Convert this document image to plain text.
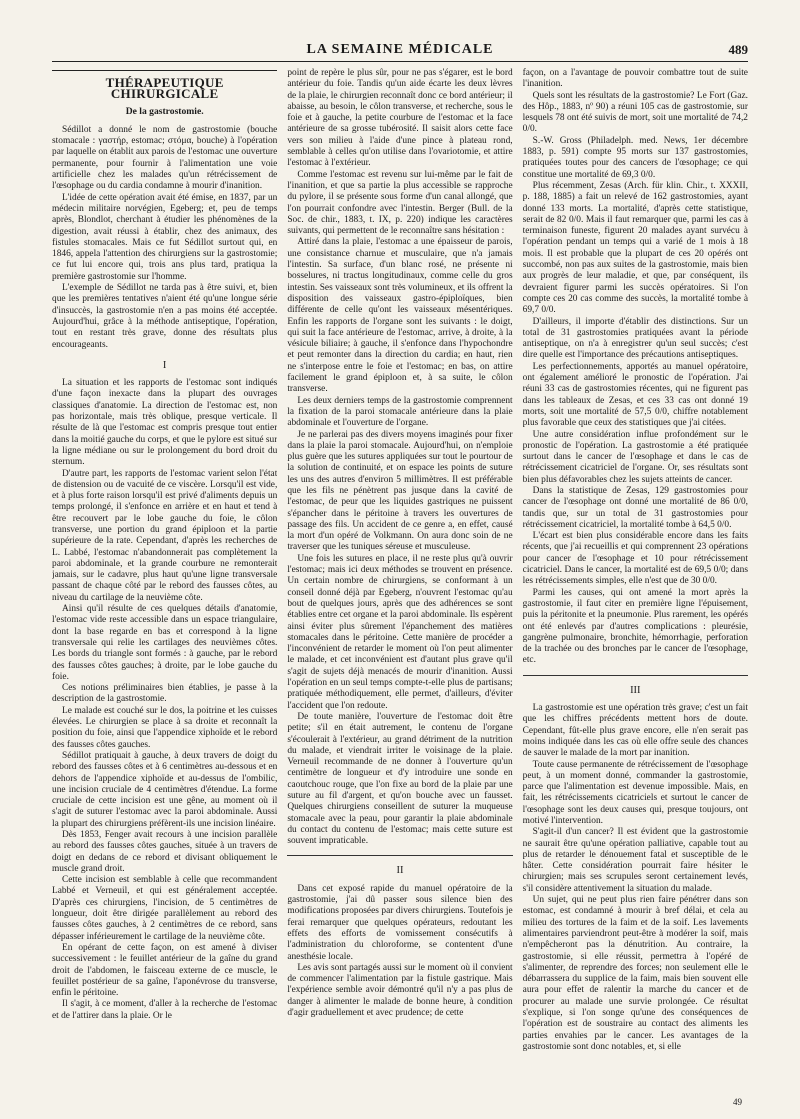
LA SEMAINE MÉDICALE	489
THÉRAPEUTIQUE CHIRURGICALE
De la gastrostomie.

Sédillot a donné le nom de gastrostomie (bouche stomacale : γαστήρ, estomac; στόμα, bouche) à l'opération par laquelle on établit aux parois de l'estomac une ouverture permanente, pour fournir à l'alimentation une voie artificielle chez les malades qu'un rétrécissement de l'œsophage ou du cardia condamne à mourir d'inanition.

L'idée de cette opération avait été émise, en 1837, par un médecin militaire norvégien, Egeberg; et, peu de temps après, Blondlot, cherchant à étudier les phénomènes de la digestion, avait réussi à établir, chez des animaux, des fistules stomacales. Mais ce fut Sédillot surtout qui, en 1846, appela l'attention des chirurgiens sur la gastrostomie; ce fut lui encore qui, trois ans plus tard, pratiqua la première gastrostomie sur l'homme.

L'exemple de Sédillot ne tarda pas à être suivi, et, bien que les premières tentatives n'aient été qu'une longue série d'insuccès, la gastrostomie n'en a pas moins été acceptée. Aujourd'hui, grâce à la méthode antiseptique, l'opération, tout en restant très grave, donne des résultats plus encourageants.

I

La situation et les rapports de l'estomac sont indiqués d'une façon inexacte dans la plupart des ouvrages classiques d'anatomie. La direction de l'estomac est, non pas horizontale, mais très oblique, presque verticale. Il résulte de là que l'estomac est compris presque tout entier dans la moitié gauche du corps, et que le pylore est situé sur la ligne médiane ou sur le prolongement du bord droit du sternum.

D'autre part, les rapports de l'estomac varient selon l'état de distension ou de vacuité de ce viscère. Lorsqu'il est vide, et à plus forte raison lorsqu'il est privé d'aliments depuis un temps prolongé, il s'enfonce en arrière et en haut et tend à être recouvert par le lobe gauche du foie, le côlon transverse, une portion du grand épiploon et la partie supérieure de la rate. Cependant, d'après les recherches de L. Labbé, l'estomac n'abandonnerait pas complètement la paroi abdominale, et la grande courbure ne remonterait jamais, sur le cadavre, plus haut qu'une ligne transversale passant de chaque côté par le rebord des fausses côtes, au niveau du cartilage de la neuvième côte.

Ainsi qu'il résulte de ces quelques détails d'anatomie, l'estomac vide reste accessible dans un espace triangulaire, dont la base regarde en bas et correspond à la ligne transversale qui relie les cartilages des neuvièmes côtes. Les bords du triangle sont formés : à gauche, par le rebord des fausses côtes gauches; à droite, par le lobe gauche du foie.

Ces notions préliminaires bien établies, je passe à la description de la gastrostomie.

Le malade est couché sur le dos, la poitrine et les cuisses élevées. Le chirurgien se place à sa droite et reconnaît la position du foie, ainsi que l'appendice xiphoïde et le rebord des fausses côtes gauches.

Sédillot pratiquait à gauche, à deux travers de doigt du rebord des fausses côtes et à 6 centimètres au-dessous et en dehors de l'appendice xiphoïde et au-dessus de l'ombilic, une incision cruciale de 4 centimètres d'étendue. La forme cruciale de cette incision est une gêne, au moment où il s'agit de suturer l'estomac avec la paroi abdominale. Aussi la plupart des chirurgiens préfèrent-ils une incision linéaire.

Dès 1853, Fenger avait recours à une incision parallèle au rebord des fausses côtes gauches, située à un travers de doigt en dedans de ce rebord et divisant obliquement le muscle grand droit.

Cette incision est semblable à celle que recommandent Labbé et Verneuil, et qui est généralement acceptée. D'après ces chirurgiens, l'incision, de 5 centimètres de longueur, doit être dirigée parallèlement au rebord des fausses côtes gauches, à 2 centimètres de ce rebord, sans dépasser inférieurement le cartilage de la neuvième côte.

En opérant de cette façon, on est amené à diviser successivement : le feuillet antérieur de la gaîne du grand droit de l'abdomen, le faisceau externe de ce muscle, le feuillet postérieur de sa gaîne, l'aponévrose du transverse, enfin le péritoine.

Il s'agit, à ce moment, d'aller à la recherche de l'estomac et de l'attirer dans la plaie. Or le

point de repère le plus sûr, pour ne pas s'égarer, est le bord antérieur du foie. Tandis qu'un aide écarte les deux lèvres de la plaie, le chirurgien reconnaît donc ce bord antérieur; il abaisse, au besoin, le côlon transverse, et recherche, sous le foie et à gauche, la petite courbure de l'estomac et la face antérieure de sa grosse tubérosité. Il saisit alors cette face vers son milieu à l'aide d'une pince à plateau rond, semblable à celles qu'on utilise dans l'ovariotomie, et attire l'estomac à l'extérieur.

Comme l'estomac est revenu sur lui-même par le fait de l'inanition, et que sa partie la plus accessible se rapproche du pylore, il se présente sous forme d'un canal allongé, que l'on pourrait confondre avec l'intestin. Berger (Bull. de la Soc. de chir., 1883, t. IX, p. 220) indique les caractères suivants, qui permettent de le reconnaître sans hésitation :

Attiré dans la plaie, l'estomac a une épaisseur de parois, une consistance charnue et musculaire, que n'a jamais l'intestin. Sa surface, d'un blanc rosé, ne présente ni bosselures, ni tractus longitudinaux, comme celle du gros intestin. Ses vaisseaux sont très volumineux, et ils offrent la disposition des vaisseaux gastro-épiploïques, bien différente de celle qu'ont les vaisseaux mésentériques. Enfin les rapports de l'organe sont les suivants : le doigt, qui suit la face antérieure de l'estomac, arrive, à droite, à la vésicule biliaire; à gauche, il s'enfonce dans l'hypochondre et peut remonter dans la direction du cardia; en haut, rien ne s'interpose entre le foie et l'estomac; en bas, on attire facilement le grand épiploon et, à sa suite, le côlon transverse.

Les deux derniers temps de la gastrostomie comprennent la fixation de la paroi stomacale antérieure dans la plaie abdominale et l'ouverture de l'organe.

Je ne parlerai pas des divers moyens imaginés pour fixer dans la plaie la paroi stomacale. Aujourd'hui, on n'emploie plus guère que les sutures appliquées sur tout le pourtour de la solution de continuité, et on espace les points de suture les uns des autres d'environ 5 millimètres. Il est préférable que les fils ne pénètrent pas jusque dans la cavité de l'estomac, de peur que les liquides gastriques ne puissent s'épancher dans le péritoine à travers les ouvertures de passage des fils. Un accident de ce genre a, en effet, causé la mort d'un opéré de Volkmann. On aura donc soin de ne traverser que les tuniques séreuse et musculeuse.

Une fois les sutures en place, il ne reste plus qu'à ouvrir l'estomac; mais ici deux méthodes se trouvent en présence. Un certain nombre de chirurgiens, se conformant à un conseil donné déjà par Egeberg, n'ouvrent l'estomac qu'au bout de quelques jours, après que des adhérences se sont établies entre cet organe et la paroi abdominale. Ils espèrent ainsi éviter plus sûrement l'épanchement des matières stomacales dans le péritoine. Cette manière de procéder a l'inconvénient de retarder le moment où l'on peut alimenter le malade, et cet inconvénient est d'autant plus grave qu'il s'agit de sujets déjà menacés de mourir d'inanition. Aussi l'opération en un seul temps compte-t-elle plus de partisans; pratiquée méthodiquement, elle permet, d'ailleurs, d'éviter l'accident que l'on redoute.

De toute manière, l'ouverture de l'estomac doit être petite; s'il en était autrement, le contenu de l'organe s'écoulerait à l'extérieur, au grand détriment de la nutrition du malade, et viendrait irriter le voisinage de la plaie. Verneuil recommande de ne donner à l'ouverture qu'un centimètre de longueur et d'y introduire une sonde en caoutchouc rouge, que l'on fixe au bord de la plaie par une suture au fil d'argent, et qu'on bouche avec un fausset. Quelques chirurgiens conseillent de suturer la muqueuse stomacale avec la peau, pour garantir la plaie abdominale du contact du contenu de l'estomac; mais cette suture est souvent impraticable.

II

Dans cet exposé rapide du manuel opératoire de la gastrostomie, j'ai dû passer sous silence bien des modifications proposées par divers chirurgiens. Toutefois je ferai remarquer que quelques opérateurs, redoutant les effets des efforts de vomissement consécutifs à l'administration du chloroforme, se contentent d'une anesthésie locale.

Les avis sont partagés aussi sur le moment où il convient de commencer l'alimentation par la fistule gastrique. Mais l'expérience semble avoir démontré qu'il n'y a pas plus de danger à alimenter le malade de bonne heure, à condition d'agir graduellement et avec prudence; de cette

façon, on a l'avantage de pouvoir combattre tout de suite l'inanition.

Quels sont les résultats de la gastrostomie? Le Fort (Gaz. des Hôp., 1883, nº 90) a réuni 105 cas de gastrostomie, sur lesquels 78 ont été suivis de mort, soit une mortalité de 74,2 0/0.

S.-W. Gross (Philadelph. med. News, 1er décembre 1883, p. 591) compte 95 morts sur 137 gastrostomies, pratiquées toutes pour des cancers de l'œsophage; ce qui constitue une mortalité de 69,3 0/0.

Plus récemment, Zesas (Arch. für klin. Chir., t. XXXII, p. 188, 1885) a fait un relevé de 162 gastrostomies, ayant donné 133 morts. La mortalité, d'après cette statistique, serait de 82 0/0. Mais il faut remarquer que, parmi les cas à terminaison funeste, figurent 20 malades ayant survécu à l'opération pendant un temps qui a varié de 1 mois à 18 mois. Il est probable que la plupart de ces 20 opérés ont succombé, non pas aux suites de la gastrostomie, mais bien aux progrès de leur maladie, et que, par conséquent, ils devraient figurer parmi les succès opératoires. Si l'on compte ces 20 cas comme des succès, la mortalité tombe à 69,7 0/0.

D'ailleurs, il importe d'établir des distinctions. Sur un total de 31 gastrostomies pratiquées avant la période antiseptique, on n'a à enregistrer qu'un seul succès; c'est dire quelle est l'importance des précautions antiseptiques.

Les perfectionnements, apportés au manuel opératoire, ont également amélioré le pronostic de l'opération. J'ai réuni 33 cas de gastrostomies récentes, qui ne figurent pas dans les tableaux de Zesas, et ces 33 cas ont donné 19 morts, soit une mortalité de 57,5 0/0, chiffre notablement plus favorable que ceux des statistiques que j'ai citées.

Une autre considération influe profondément sur le pronostic de l'opération. La gastrostomie a été pratiquée surtout dans le cancer de l'œsophage et dans le cas de rétrécissement cicatriciel de l'organe. Or, ses résultats sont bien plus défavorables chez les sujets atteints de cancer.

Dans la statistique de Zesas, 129 gastrostomies pour cancer de l'œsophage ont donné une mortalité de 86 0/0, tandis que, sur un total de 31 gastrostomies pour rétrécissement cicatriciel, la mortalité tombe à 64,5 0/0.

L'écart est bien plus considérable encore dans les faits récents, que j'ai recueillis et qui comprennent 23 opérations pour cancer de l'œsophage et 10 pour rétrécissement cicatriciel. Dans le cancer, la mortalité est de 69,5 0/0; dans les rétrécissements simples, elle n'est que de 30 0/0.

Parmi les causes, qui ont amené la mort après la gastrostomie, il faut citer en première ligne l'épuisement, puis la péritonite et la pneumonie. Plus rarement, les opérés ont été enlevés par d'autres complications : pleurésie, gangrène pulmonaire, bronchite, hémorrhagie, perforation de la trachée ou des bronches par le cancer de l'œsophage, etc.

III

La gastrostomie est une opération très grave; c'est un fait que les chiffres précédents mettent hors de doute. Cependant, fût-elle plus grave encore, elle n'en serait pas moins indiquée dans les cas où elle offre seule des chances de sauver le malade de la mort par inanition.

Toute cause permanente de rétrécissement de l'œsophage peut, à un moment donné, commander la gastrostomie, parce que l'alimentation est devenue impossible. Mais, en fait, les rétrécissements cicatriciels et surtout le cancer de l'œsophage sont les deux causes qui, presque toujours, ont motivé l'intervention.

S'agit-il d'un cancer? Il est évident que la gastrostomie ne saurait être qu'une opération palliative, capable tout au plus de retarder le dénouement fatal et susceptible de le hâter. Cette considération pourrait faire hésiter le chirurgien; mais ses scrupules seront certainement levés, s'il considère attentivement la situation du malade.

Un sujet, qui ne peut plus rien faire pénétrer dans son estomac, est condamné à mourir à bref délai, et cela au milieu des tortures de la faim et de la soif. Les lavements alimentaires parviendront peut-être à modérer la soif, mais n'empêcheront pas la dénutrition. Au contraire, la gastrostomie, si elle réussit, permettra à l'opéré de s'alimenter, de reprendre des forces; non seulement elle le débarrassera du supplice de la faim, mais bien souvent elle aura pour effet de ralentir la marche du cancer et de procurer au malade une survie prolongée. Ce résultat s'explique, si l'on songe qu'une des conséquences de l'opération est de soustraire au contact des aliments les parties envahies par le cancer. Les avantages de la gastrostomie sont donc notables, et, si elle

49
